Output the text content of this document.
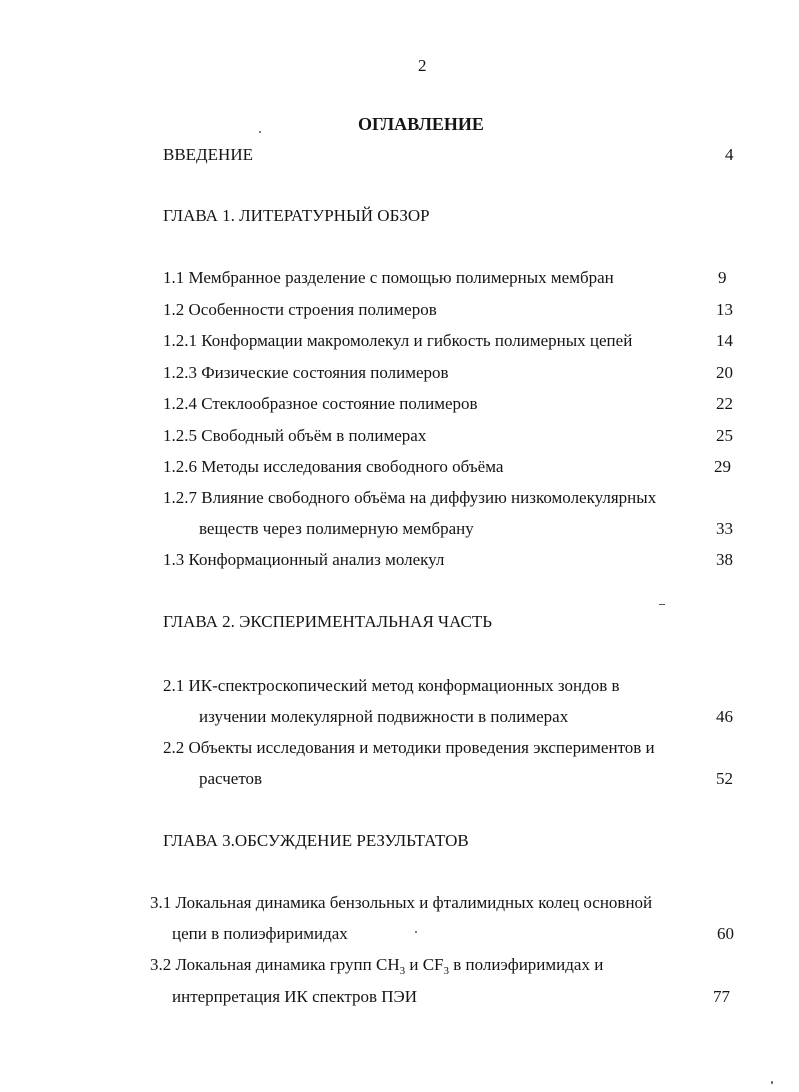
2
ОГЛАВЛЕНИЕ
ВВЕДЕНИЕ	4
ГЛАВА 1. ЛИТЕРАТУРНЫЙ ОБЗОР
1.1 Мембранное разделение с помощью полимерных мембран	9
1.2 Особенности строения полимеров	13
1.2.1 Конформации макромолекул и гибкость полимерных цепей	14
1.2.3 Физические состояния полимеров	20
1.2.4 Стеклообразное состояние полимеров	22
1.2.5 Свободный объём в полимерах	25
1.2.6 Методы исследования свободного объёма	29
1.2.7 Влияние свободного объёма на диффузию низкомолекулярных
веществ через полимерную мембрану	33
1.3 Конформационный анализ молекул	38
ГЛАВА 2. ЭКСПЕРИМЕНТАЛЬНАЯ ЧАСТЬ
2.1 ИК-спектроскопический метод конформационных зондов в
изучении молекулярной подвижности в полимерах	46
2.2 Объекты исследования и методики проведения экспериментов и
расчетов	52
ГЛАВА 3.ОБСУЖДЕНИЕ РЕЗУЛЬТАТОВ
3.1 Локальная динамика бензольных и фталимидных колец основной
цепи в полиэфиримидах	60
3.2 Локальная динамика групп $CH_3$ и $CF_3$ в полиэфиримидах и
интерпретация ИК спектров ПЭИ	77
